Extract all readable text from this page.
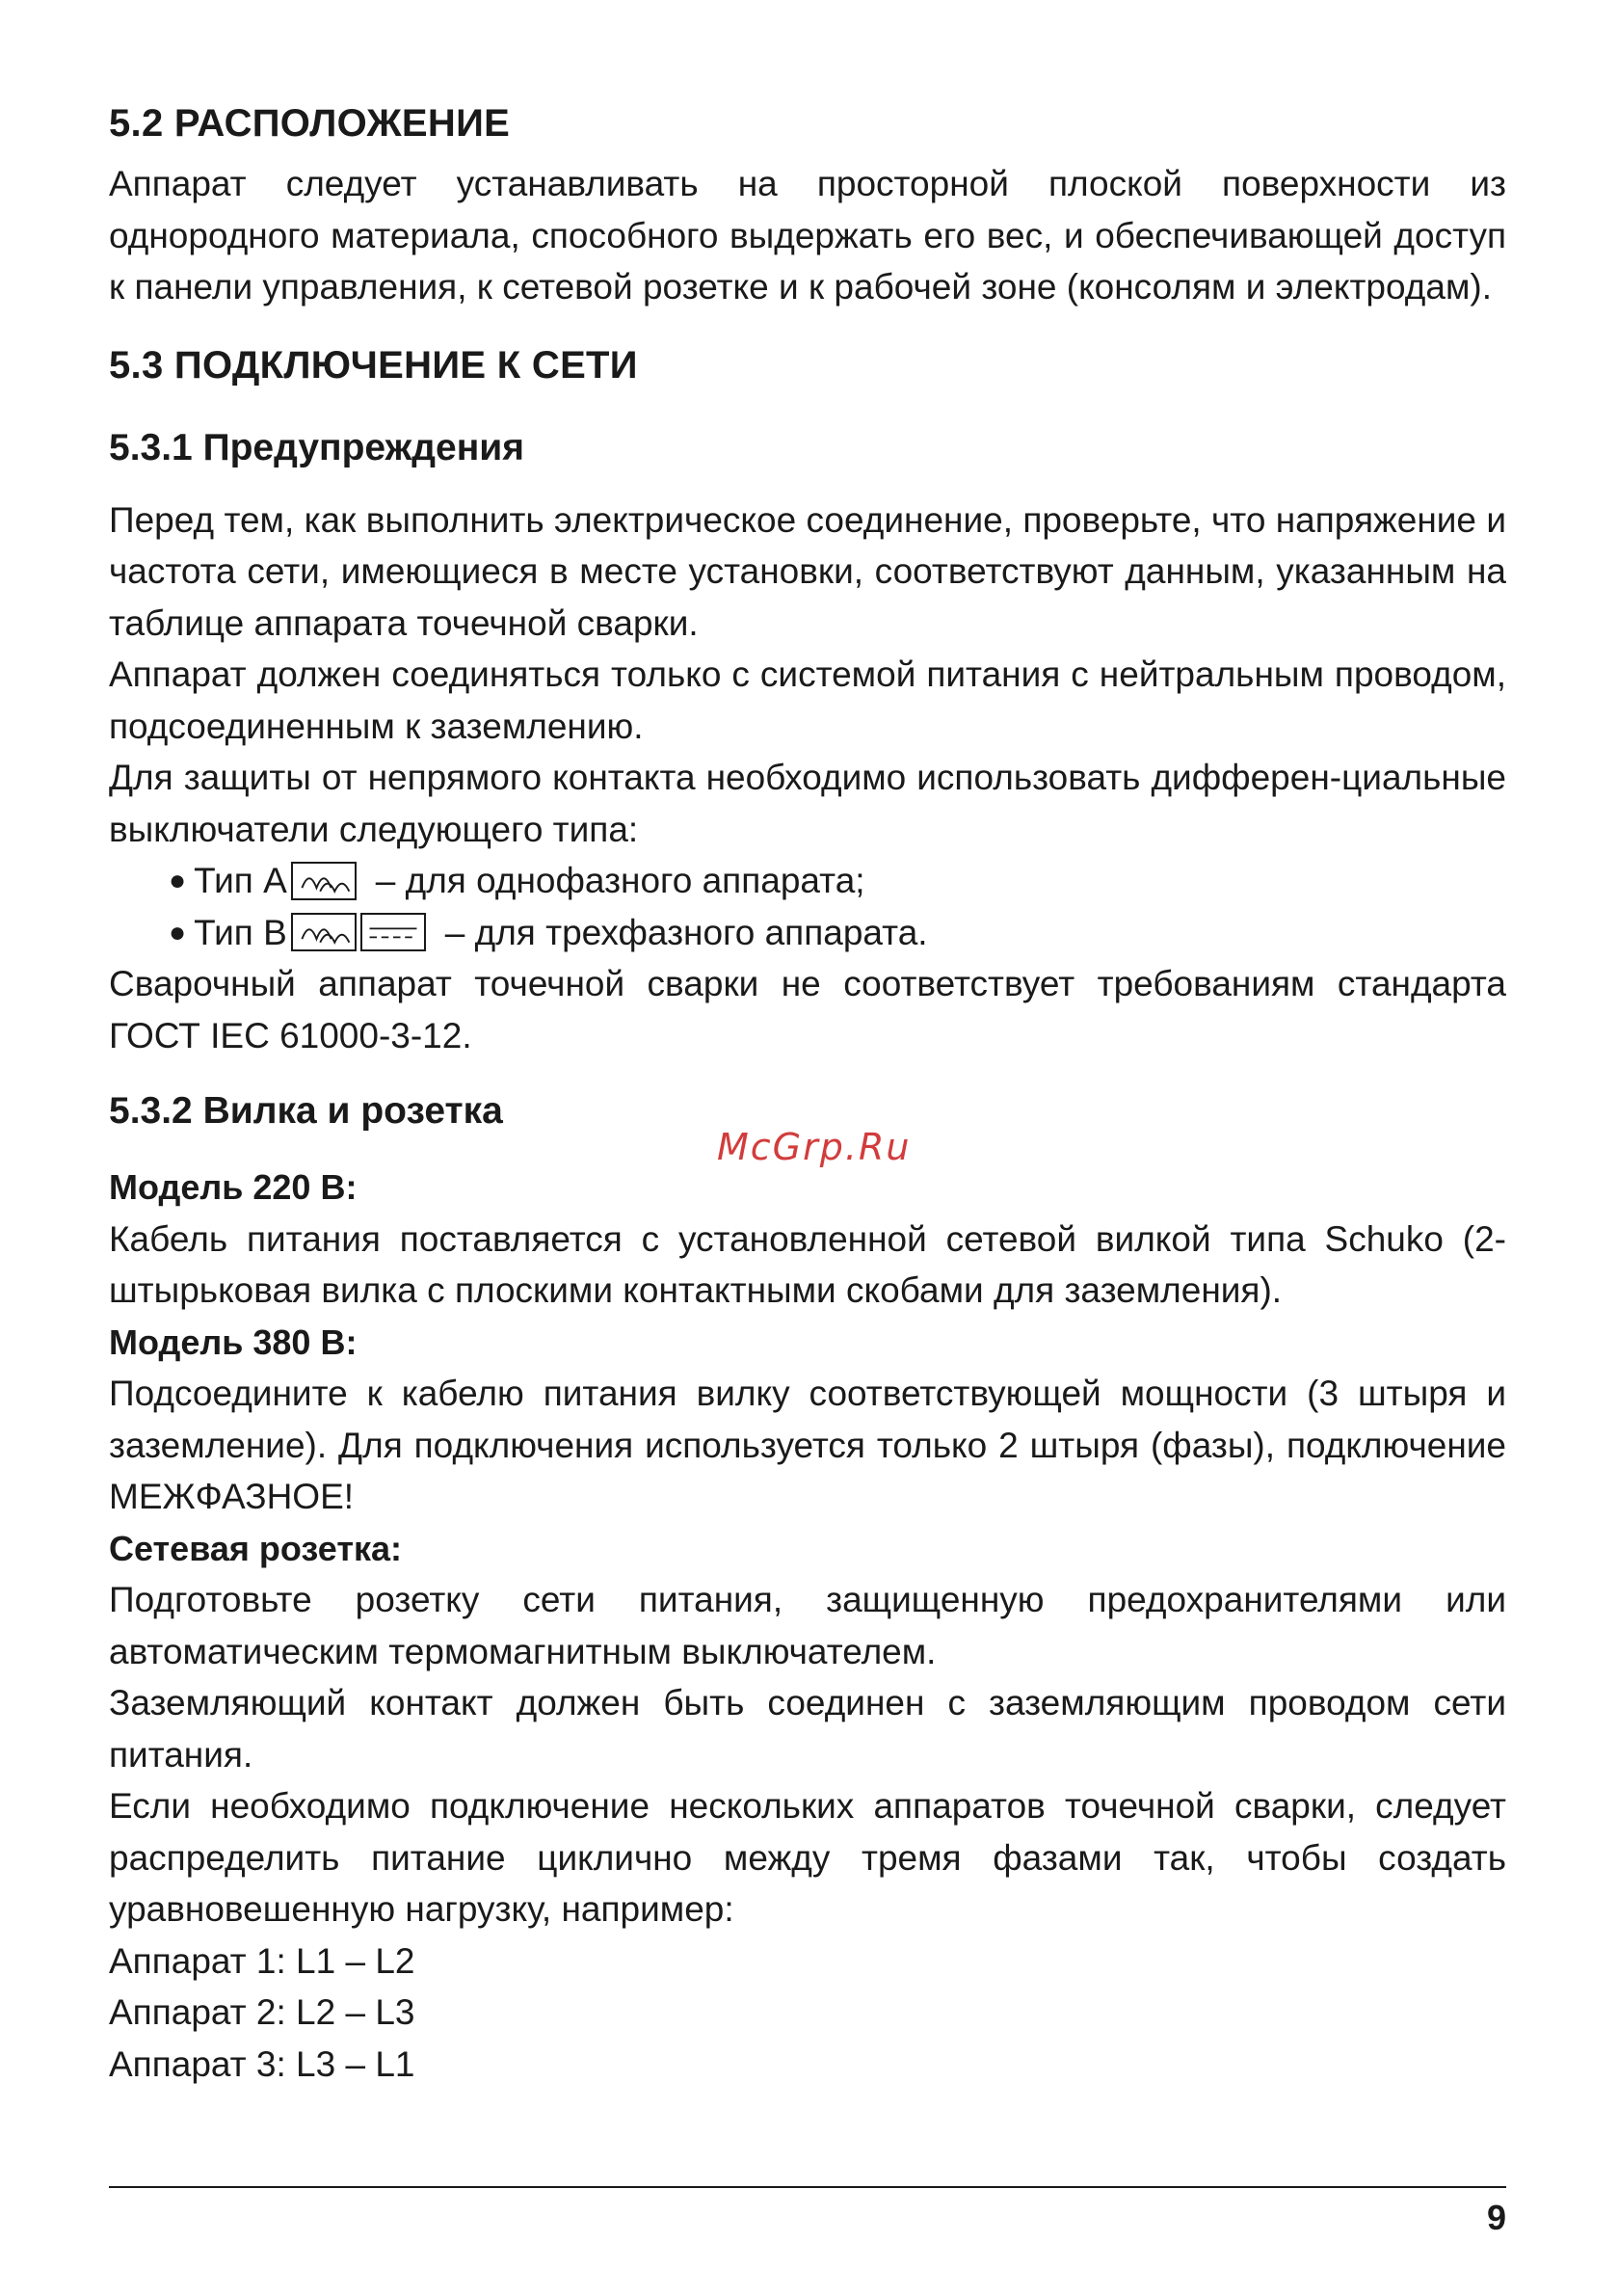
5.2 РАСПОЛОЖЕНИЕ

Аппарат следует устанавливать на просторной плоской поверхности из однородного материала, способного выдержать его вес, и обеспечивающей доступ к панели управления, к сетевой розетке и к рабочей зоне (консолям и электродам).

5.3 ПОДКЛЮЧЕНИЕ К СЕТИ
5.3.1 Предупреждения

Перед тем, как выполнить электрическое соединение, проверьте, что напряжение и частота сети, имеющиеся в месте установки, соответствуют данным, указанным на таблице аппарата точечной сварки.

Аппарат должен соединяться только с системой питания с нейтральным проводом, подсоединенным к заземлению.

Для защиты от непрямого контакта необходимо использовать дифферен-циальные выключатели следующего типа:

● Тип А – для однофазного аппарата;
● Тип В	– для трехфазного аппарата.

Сварочный аппарат точечной сварки не соответствует требованиям стандарта ГОСТ IEC 61000-3-12.

5.3.2 Вилка и розетка
Модель 220 В:

Кабель питания поставляется с установленной сетевой вилкой типа Schuko (2-штырьковая вилка с плоскими контактными скобами для заземления).

Модель 380 В:

Подсоедините к кабелю питания вилку соответствующей мощности (3 штыря и заземление). Для подключения используется только 2 штыря (фазы), подключение МЕЖФАЗНОЕ!

Сетевая розетка:

Подготовьте розетку сети питания, защищенную предохранителями или автоматическим термомагнитным выключателем.

Заземляющий контакт должен быть соединен с заземляющим проводом сети питания.

Если необходимо подключение нескольких аппаратов точечной сварки, следует распределить питание циклично между тремя фазами так, чтобы создать уравновешенную нагрузку, например:

Аппарат 1: L1 – L2

Аппарат 2: L2 – L3

Аппарат 3: L3 – L1

McGrp.Ru
9
